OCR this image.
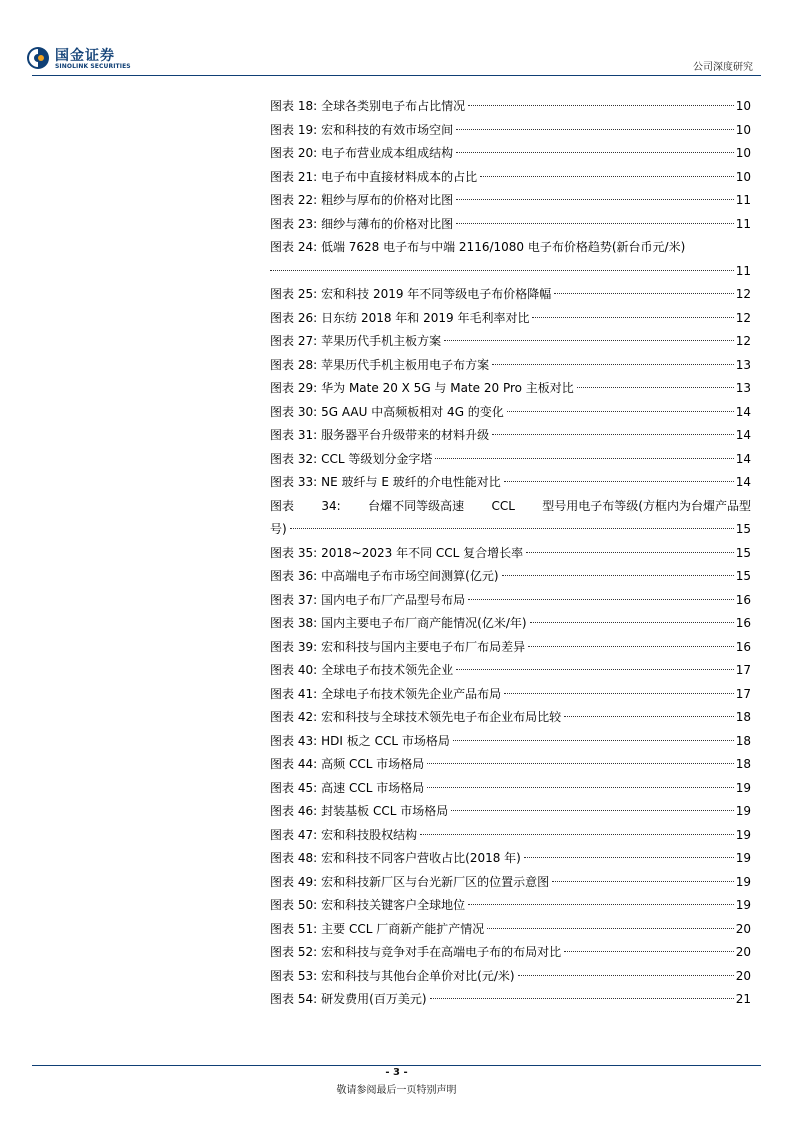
国金证券
SINOLINK SECURITIES	公司深度研究
图表 18: 全球各类别电子布占比情况	10
图表 19: 宏和科技的有效市场空间	10
图表 20: 电子布营业成本组成结构	10
图表 21: 电子布中直接材料成本的占比	10
图表 22: 粗纱与厚布的价格对比图	11
图表 23: 细纱与薄布的价格对比图	11
图表 24: 低端 7628 电子布与中端 2116/1080 电子布价格趋势(新台币元/米)
11
图表 25: 宏和科技 2019 年不同等级电子布价格降幅	12
图表 26: 日东纺 2018 年和 2019 年毛利率对比	12
图表 27: 苹果历代手机主板方案	12
图表 28: 苹果历代手机主板用电子布方案	13
图表 29: 华为 Mate 20 X 5G 与 Mate 20 Pro 主板对比	13
图表 30: 5G AAU 中高频板相对 4G 的变化	14
图表 31: 服务器平台升级带来的材料升级	14
图表 32: CCL 等级划分金字塔	14
图表 33: NE 玻纤与 E 玻纤的介电性能对比	14
图表 34: 台燿不同等级高速 CCL 型号用电子布等级(方框内为台燿产品型
号)	15
图表 35: 2018~2023 年不同 CCL 复合增长率	15
图表 36: 中高端电子布市场空间测算(亿元)	15
图表 37: 国内电子布厂产品型号布局	16
图表 38: 国内主要电子布厂商产能情况(亿米/年)	16
图表 39: 宏和科技与国内主要电子布厂布局差异	16
图表 40: 全球电子布技术领先企业	17
图表 41: 全球电子布技术领先企业产品布局	17
图表 42: 宏和科技与全球技术领先电子布企业布局比较	18
图表 43: HDI 板之 CCL 市场格局	18
图表 44: 高频 CCL 市场格局	18
图表 45: 高速 CCL 市场格局	19
图表 46: 封装基板 CCL 市场格局	19
图表 47: 宏和科技股权结构	19
图表 48: 宏和科技不同客户营收占比(2018 年)	19
图表 49: 宏和科技新厂区与台光新厂区的位置示意图	19
图表 50: 宏和科技关键客户全球地位	19
图表 51: 主要 CCL 厂商新产能扩产情况	20
图表 52: 宏和科技与竞争对手在高端电子布的布局对比	20
图表 53: 宏和科技与其他台企单价对比(元/米)	20
图表 54: 研发费用(百万美元)	21
- 3 -
敬请参阅最后一页特别声明
